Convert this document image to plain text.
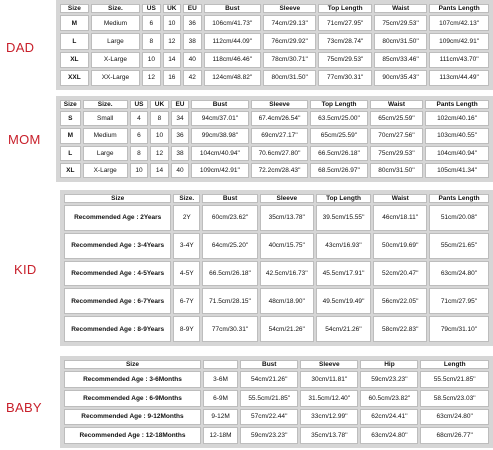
DAD
Size	Size.	US	UK	EU	Bust	Sleeve	Top Length	Waist	Pants Length
M	Medium	6	10	36	106cm/41.73''	74cm/29.13''	71cm/27.95''	75cm/29.53''	107cm/42.13''
L	Large	8	12	38	112cm/44.09''	76cm/29.92''	73cm/28.74''	80cm/31.50''	109cm/42.91''
XL	X-Large	10	14	40	118cm/46.46''	78cm/30.71''	75cm/29.53''	85cm/33.46''	111cm/43.70''
XXL	XX-Large	12	16	42	124cm/48.82''	80cm/31.50''	77cm/30.31''	90cm/35.43''	113cm/44.49''
MOM
Size	Size.	US	UK	EU	Bust	Sleeve	Top Length	Waist	Pants Length
S	Small	4	8	34	94cm/37.01''	67.4cm/26.54''	63.5cm/25.00''	65cm/25.59''	102cm/40.16''
M	Medium	6	10	36	99cm/38.98''	69cm/27.17''	65cm/25.59''	70cm/27.56''	103cm/40.55''
L	Large	8	12	38	104cm/40.94''	70.6cm/27.80''	66.5cm/26.18''	75cm/29.53''	104cm/40.94''
XL	X-Large	10	14	40	109cm/42.91''	72.2cm/28.43''	68.5cm/26.97''	80cm/31.50''	105cm/41.34''
KID
Size	Size.	Bust	Sleeve	Top Length	Waist	Pants Length
Recommended Age : 2Years	2Y	60cm/23.62''	35cm/13.78''	39.5cm/15.55''	46cm/18.11''	51cm/20.08''
Recommended Age : 3-4Years	3-4Y	64cm/25.20''	40cm/15.75''	43cm/16.93''	50cm/19.69''	55cm/21.65''
Recommended Age : 4-5Years	4-5Y	66.5cm/26.18''	42.5cm/16.73''	45.5cm/17.91''	52cm/20.47''	63cm/24.80''
Recommended Age : 6-7Years	6-7Y	71.5cm/28.15''	48cm/18.90''	49.5cm/19.49''	56cm/22.05''	71cm/27.95''
Recommended Age : 8-9Years	8-9Y	77cm/30.31''	54cm/21.26''	54cm/21.26''	58cm/22.83''	79cm/31.10''
BABY
Size		Bust	Sleeve	Hip	Length
Recommended Age : 3-6Months	3-6M	54cm/21.26''	30cm/11.81''	59cm/23.23''	55.5cm/21.85''
Recommended Age : 6-9Months	6-9M	55.5cm/21.85''	31.5cm/12.40''	60.5cm/23.82''	58.5cm/23.03''
Recommended Age : 9-12Months	9-12M	57cm/22.44''	33cm/12.99''	62cm/24.41''	63cm/24.80''
Recommended Age : 12-18Months	12-18M	59cm/23.23''	35cm/13.78''	63cm/24.80''	68cm/26.77''
